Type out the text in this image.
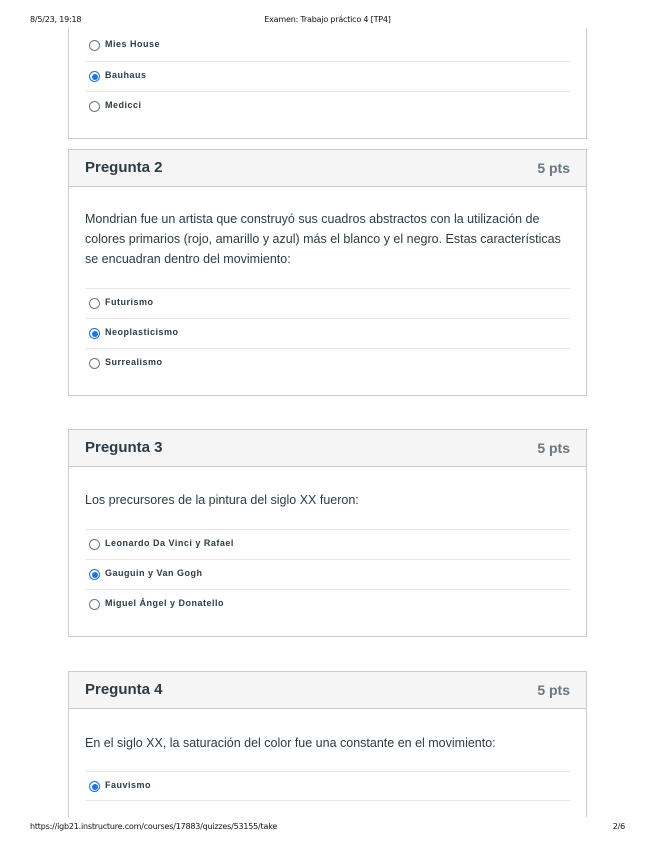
8/5/23, 19:18	Examen: Trabajo práctico 4 [TP4]
Mies House
Bauhaus
Medicci
Pregunta 2	5 pts
Mondrian fue un artista que construyó sus cuadros abstractos con la utilización de colores primarios (rojo, amarillo y azul) más el blanco y el negro. Estas características se encuadran dentro del movimiento:
Futurismo
Neoplasticismo
Surrealismo
Pregunta 3	5 pts
Los precursores de la pintura del siglo XX fueron:
Leonardo Da Vinci y Rafael
Gauguin y Van Gogh
Miguel Ángel y Donatello
Pregunta 4	5 pts
En el siglo XX, la saturación del color fue una constante en el movimiento:
Fauvismo
https://igb21.instructure.com/courses/17883/quizzes/53155/take	2/6
